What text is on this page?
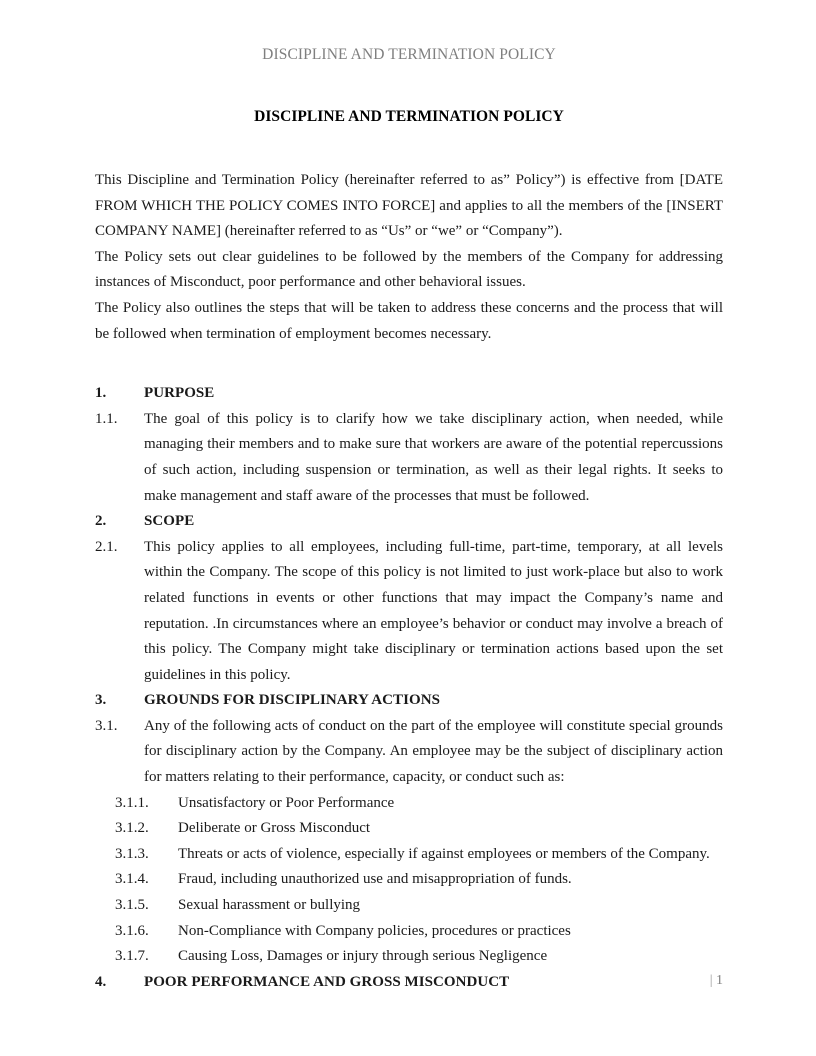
DISCIPLINE AND TERMINATION POLICY
DISCIPLINE AND TERMINATION POLICY

This Discipline and Termination Policy (hereinafter referred to as” Policy”) is effective from [DATE FROM WHICH THE POLICY COMES INTO FORCE] and applies to all the members of the [INSERT COMPANY NAME] (hereinafter referred to as “Us” or “we” or “Company”).

The Policy sets out clear guidelines to be followed by the members of the Company for addressing instances of Misconduct, poor performance and other behavioral issues.

The Policy also outlines the steps that will be taken to address these concerns and the process that will be followed when termination of employment becomes necessary.

1.	PURPOSE
1.1.	The goal of this policy is to clarify how we take disciplinary action, when needed, while managing their members and to make sure that workers are aware of the potential repercussions of such action, including suspension or termination, as well as their legal rights. It seeks to make management and staff aware of the processes that must be followed.
2.	SCOPE
2.1.	This policy applies to all employees, including full-time, part-time, temporary, at all levels within the Company. The scope of this policy is not limited to just work-place but also to work related functions in events or other functions that may impact the Company’s name and reputation. .In circumstances where an employee’s behavior or conduct may involve a breach of this policy. The Company might take disciplinary or termination actions based upon the set guidelines in this policy.
3.	GROUNDS FOR DISCIPLINARY ACTIONS
3.1.	Any of the following acts of conduct on the part of the employee will constitute special grounds for disciplinary action by the Company. An employee may be the subject of disciplinary action for matters relating to their performance, capacity, or conduct such as:
3.1.1.	Unsatisfactory or Poor Performance
3.1.2.	Deliberate or Gross Misconduct
3.1.3.	Threats or acts of violence, especially if against employees or members of the Company.
3.1.4.	Fraud, including unauthorized use and misappropriation of funds.
3.1.5.	Sexual harassment or bullying
3.1.6.	Non-Compliance with Company policies, procedures or practices
3.1.7.	Causing Loss, Damages or injury through serious Negligence
4.	POOR PERFORMANCE AND GROSS MISCONDUCT	| 1
